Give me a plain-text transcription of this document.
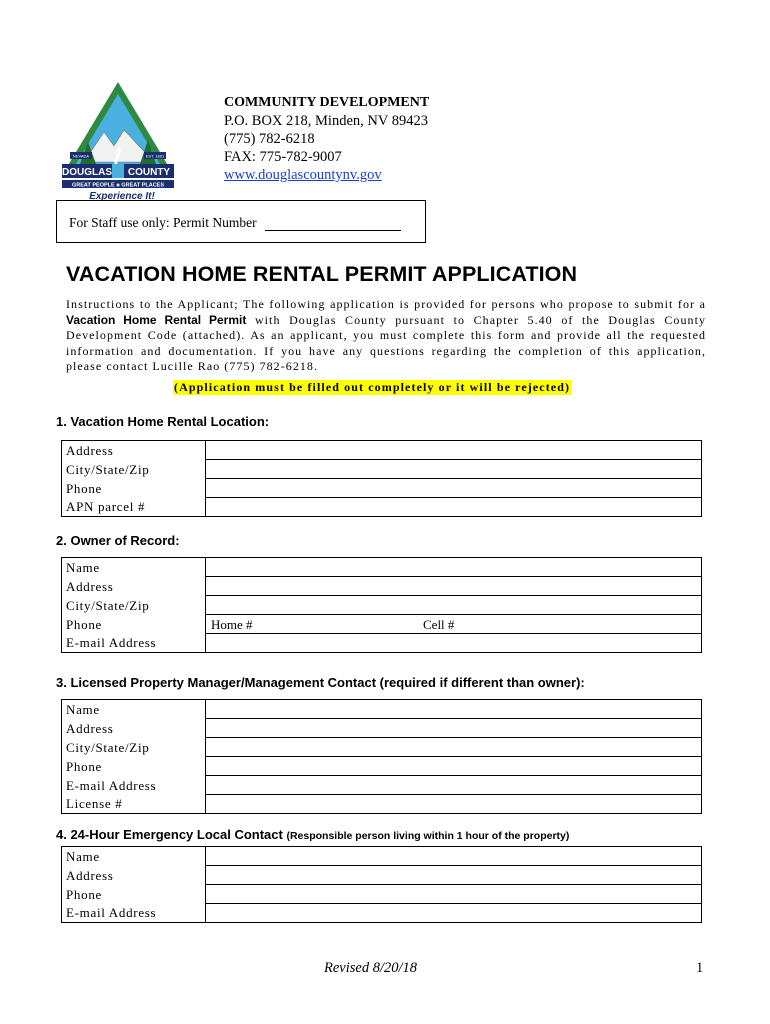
NEVADA	EST. 1861
DOUGLAS COUNTY
GREAT PEOPLE ♣ GREAT PLACES
Experience It!
COMMUNITY DEVELOPMENT
P.O. BOX 218, Minden, NV 89423
(775) 782-6218
FAX: 775-782-9007
www.douglascountynv.gov
For Staff use only: Permit Number
VACATION HOME RENTAL PERMIT APPLICATION
Instructions to the Applicant; The following application is provided for persons who propose to submit for a Vacation Home Rental Permit with Douglas County pursuant to Chapter 5.40 of the Douglas County Development Code (attached). As an applicant, you must complete this form and provide all the requested information and documentation. If you have any questions regarding the completion of this application, please contact Lucille Rao (775) 782-6218.
(Application must be filled out completely or it will be rejected)
1. Vacation Home Rental Location:
Address	
City/State/Zip	
Phone	
APN parcel #	
2. Owner of Record:
Name	
Address	
City/State/Zip	
Phone	Home # Cell #

E-mail Address	
3. Licensed Property Manager/Management Contact (required if different than owner):
Name	
Address	
City/State/Zip	
Phone	
E-mail Address	
License #	
4. 24-Hour Emergency Local Contact (Responsible person living within 1 hour of the property)
Name	
Address	
Phone	
E-mail Address	
Revised 8/20/18	1
